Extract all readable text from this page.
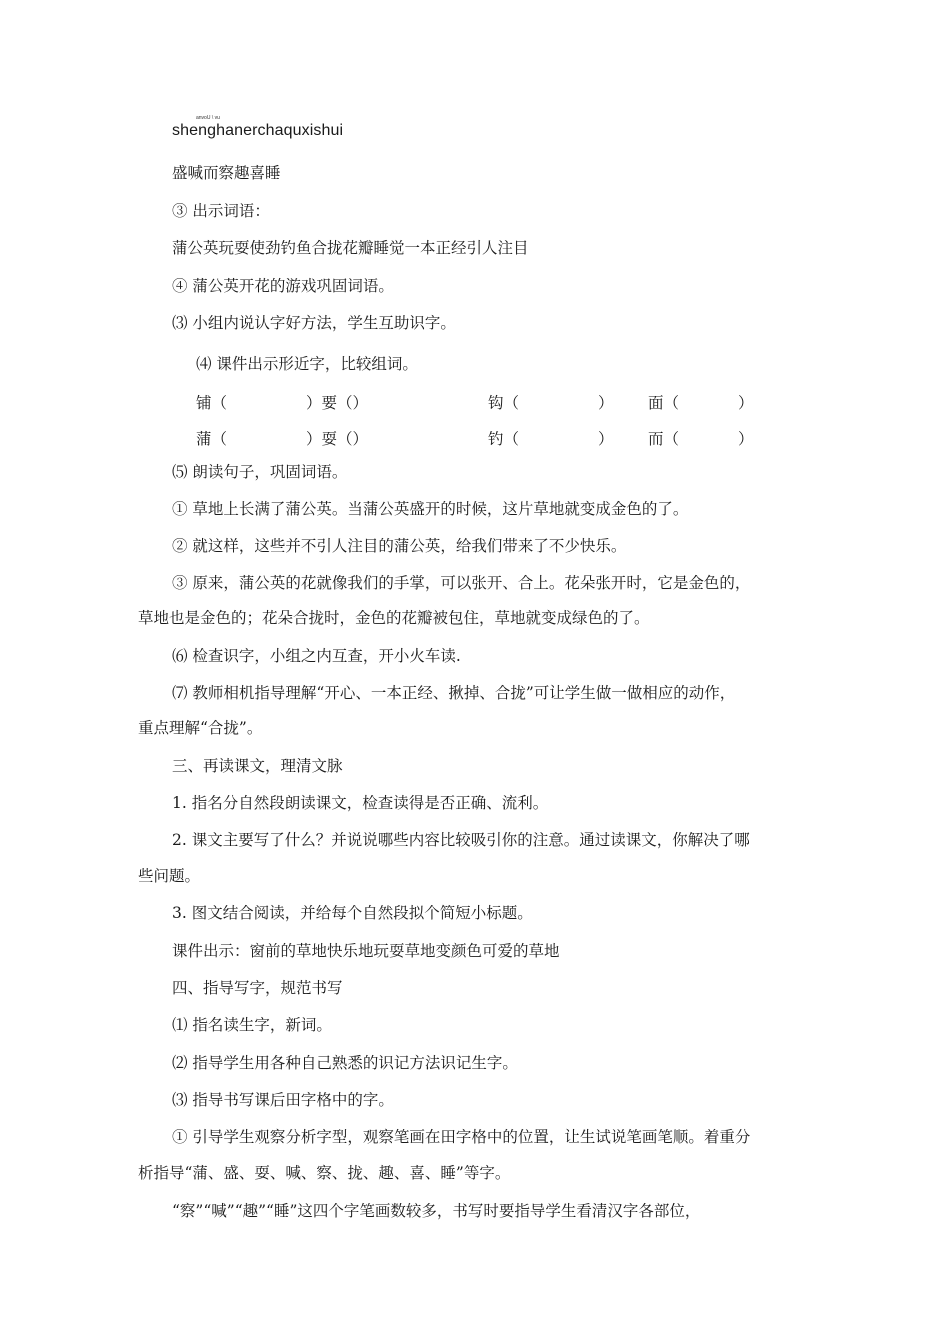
anvoU \ vu
shenghanerchaquxishui
盛喊而察趣喜睡
③ 出示词语：
蒲公英玩耍使劲钓鱼合拢花瓣睡觉一本正经引人注目
④ 蒲公英开花的游戏巩固词语。
⑶ 小组内说认字好方法，学生互助识字。
⑷ 课件出示形近字，比较组词。
铺（	）要（）	钩（	） 面（	）
蒲（	）耍（）	钓（	） 而（	）
⑸ 朗读句子，巩固词语。
① 草地上长满了蒲公英。当蒲公英盛开的时候，这片草地就变成金色的了。
② 就这样，这些并不引人注目的蒲公英，给我们带来了不少快乐。
③ 原来，蒲公英的花就像我们的手掌，可以张开、合上。花朵张开时，它是金色的，
草地也是金色的；花朵合拢时，金色的花瓣被包住，草地就变成绿色的了。
⑹ 检查识字，小组之内互查，开小火车读.
⑺ 教师相机指导理解“开心、一本正经、揪掉、合拢”可让学生做一做相应的动作，
重点理解“合拢”。
三、再读课文，理清文脉
1. 指名分自然段朗读课文，检查读得是否正确、流利。
2. 课文主要写了什么？并说说哪些内容比较吸引你的注意。通过读课文，你解决了哪
些问题。
3. 图文结合阅读，并给每个自然段拟个简短小标题。
课件出示：窗前的草地快乐地玩耍草地变颜色可爱的草地
四、指导写字，规范书写
⑴ 指名读生字，新词。
⑵ 指导学生用各种自己熟悉的识记方法识记生字。
⑶ 指导书写课后田字格中的字。
① 引导学生观察分析字型，观察笔画在田字格中的位置，让生试说笔画笔顺。着重分
析指导“蒲、盛、耍、喊、察、拢、趣、喜、睡”等字。
“察”“喊”“趣”“睡”这四个字笔画数较多，书写时要指导学生看清汉字各部位，
